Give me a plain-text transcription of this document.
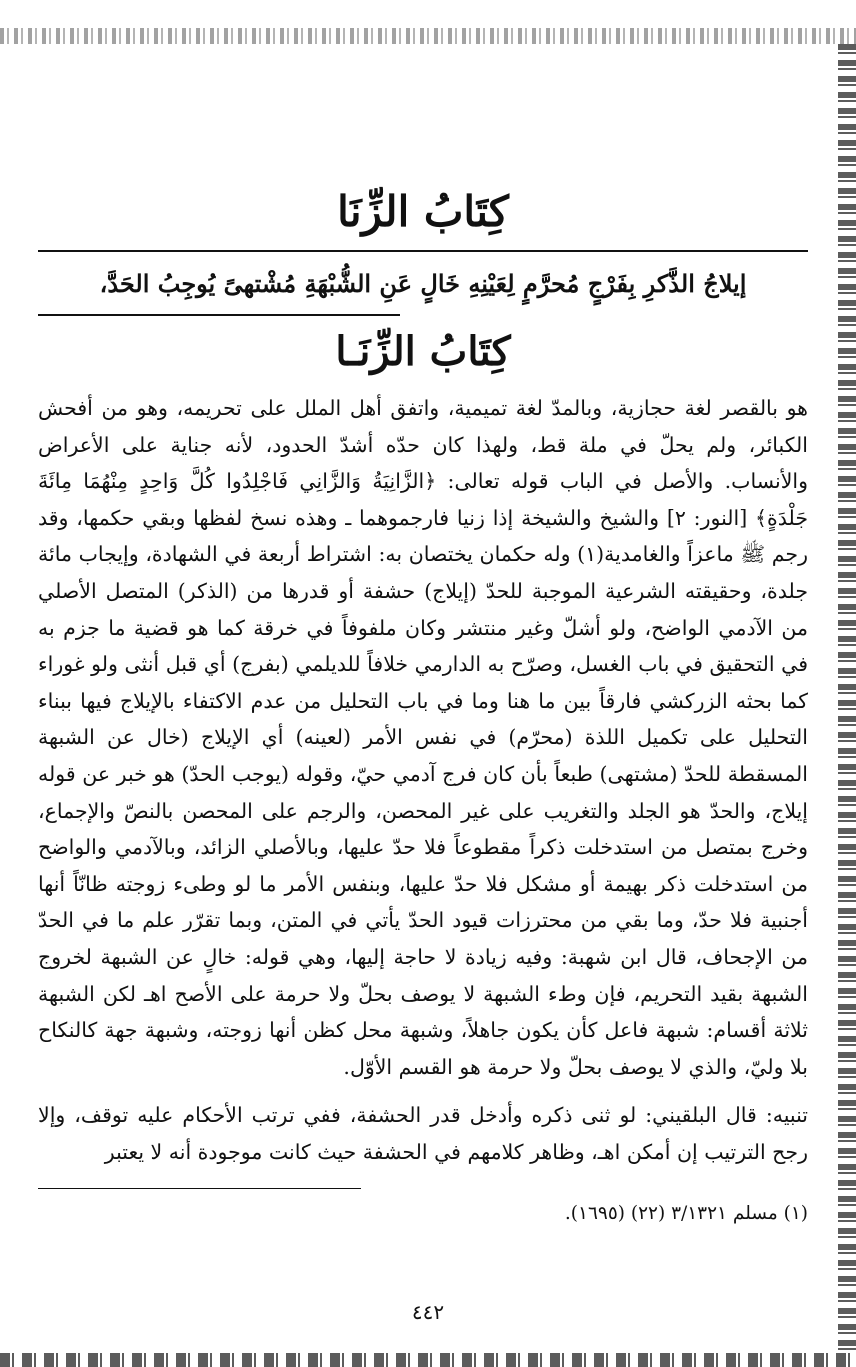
كِتَابُ الزِّنَا
إيلاجُ الذَّكرِ بِفَرْجٍ مُحرَّمٍ لِعَيْنِهِ خَالٍ عَنِ الشُّبْهَةِ مُشْتهىً يُوجِبُ الحَدَّ،
كِتَابُ الزِّنَـا

هو بالقصر لغة حجازية، وبالمدّ لغة تميمية، واتفق أهل الملل على تحريمه، وهو من أفحش الكبائر، ولم يحلّ في ملة قط، ولهذا كان حدّه أشدّ الحدود، لأنه جناية على الأعراض والأنساب. والأصل في الباب قوله تعالى: ﴿الزَّانِيَةُ وَالزَّانِي فَاجْلِدُوا كُلَّ وَاحِدٍ مِنْهُمَا مِائَةَ جَلْدَةٍ﴾ [النور: ٢] والشيخ والشيخة إذا زنيا فارجموهما ـ وهذه نسخ لفظها وبقي حكمها، وقد رجم ﷺ ماعزاً والغامدية(١) وله حكمان يختصان به: اشتراط أربعة في الشهادة، وإيجاب مائة جلدة، وحقيقته الشرعية الموجبة للحدّ (إيلاج) حشفة أو قدرها من (الذكر) المتصل الأصلي من الآدمي الواضح، ولو أشلّ وغير منتشر وكان ملفوفاً في خرقة كما هو قضية ما جزم به في التحقيق في باب الغسل، وصرّح به الدارمي خلافاً للديلمي (بفرج) أي قبل أنثى ولو غوراء كما بحثه الزركشي فارقاً بين ما هنا وما في باب التحليل من عدم الاكتفاء بالإيلاج فيها ببناء التحليل على تكميل اللذة (محرّم) في نفس الأمر (لعينه) أي الإيلاج (خال عن الشبهة المسقطة للحدّ (مشتهى) طبعاً بأن كان فرج آدمي حيّ، وقوله (يوجب الحدّ) هو خبر عن قوله إيلاج، والحدّ هو الجلد والتغريب على غير المحصن، والرجم على المحصن بالنصّ والإجماع، وخرج بمتصل من استدخلت ذكراً مقطوعاً فلا حدّ عليها، وبالأصلي الزائد، وبالآدمي والواضح من استدخلت ذكر بهيمة أو مشكل فلا حدّ عليها، وبنفس الأمر ما لو وطىء زوجته ظانّاً أنها أجنبية فلا حدّ، وما بقي من محترزات قيود الحدّ يأتي في المتن، وبما تقرّر علم ما في الحدّ من الإجحاف، قال ابن شهبة: وفيه زيادة لا حاجة إليها، وهي قوله: خالٍ عن الشبهة لخروج الشبهة بقيد التحريم، فإن وطء الشبهة لا يوصف بحلّ ولا حرمة على الأصح اهـ لكن الشبهة ثلاثة أقسام: شبهة فاعل كأن يكون جاهلاً، وشبهة محل كظن أنها زوجته، وشبهة جهة كالنكاح بلا وليّ، والذي لا يوصف بحلّ ولا حرمة هو القسم الأوّل.

تنبيه: قال البلقيني: لو ثنى ذكره وأدخل قدر الحشفة، ففي ترتب الأحكام عليه توقف، وإلا رجح الترتيب إن أمكن اهـ، وظاهر كلامهم في الحشفة حيث كانت موجودة أنه لا يعتبر

(١) مسلم ٣/١٣٢١ (٢٢) (١٦٩٥).
٤٤٢
